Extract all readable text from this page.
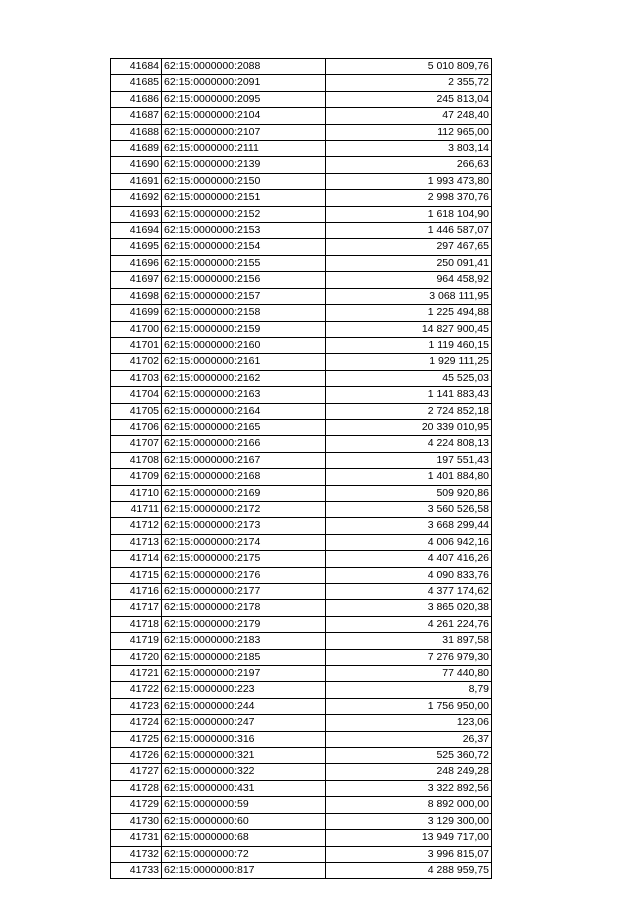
41684	62:15:0000000:2088	5 010 809,76
41685	62:15:0000000:2091	2 355,72
41686	62:15:0000000:2095	245 813,04
41687	62:15:0000000:2104	47 248,40
41688	62:15:0000000:2107	112 965,00
41689	62:15:0000000:2111	3 803,14
41690	62:15:0000000:2139	266,63
41691	62:15:0000000:2150	1 993 473,80
41692	62:15:0000000:2151	2 998 370,76
41693	62:15:0000000:2152	1 618 104,90
41694	62:15:0000000:2153	1 446 587,07
41695	62:15:0000000:2154	297 467,65
41696	62:15:0000000:2155	250 091,41
41697	62:15:0000000:2156	964 458,92
41698	62:15:0000000:2157	3 068 111,95
41699	62:15:0000000:2158	1 225 494,88
41700	62:15:0000000:2159	14 827 900,45
41701	62:15:0000000:2160	1 119 460,15
41702	62:15:0000000:2161	1 929 111,25
41703	62:15:0000000:2162	45 525,03
41704	62:15:0000000:2163	1 141 883,43
41705	62:15:0000000:2164	2 724 852,18
41706	62:15:0000000:2165	20 339 010,95
41707	62:15:0000000:2166	4 224 808,13
41708	62:15:0000000:2167	197 551,43
41709	62:15:0000000:2168	1 401 884,80
41710	62:15:0000000:2169	509 920,86
41711	62:15:0000000:2172	3 560 526,58
41712	62:15:0000000:2173	3 668 299,44
41713	62:15:0000000:2174	4 006 942,16
41714	62:15:0000000:2175	4 407 416,26
41715	62:15:0000000:2176	4 090 833,76
41716	62:15:0000000:2177	4 377 174,62
41717	62:15:0000000:2178	3 865 020,38
41718	62:15:0000000:2179	4 261 224,76
41719	62:15:0000000:2183	31 897,58
41720	62:15:0000000:2185	7 276 979,30
41721	62:15:0000000:2197	77 440,80
41722	62:15:0000000:223	8,79
41723	62:15:0000000:244	1 756 950,00
41724	62:15:0000000:247	123,06
41725	62:15:0000000:316	26,37
41726	62:15:0000000:321	525 360,72
41727	62:15:0000000:322	248 249,28
41728	62:15:0000000:431	3 322 892,56
41729	62:15:0000000:59	8 892 000,00
41730	62:15:0000000:60	3 129 300,00
41731	62:15:0000000:68	13 949 717,00
41732	62:15:0000000:72	3 996 815,07
41733	62:15:0000000:817	4 288 959,75
